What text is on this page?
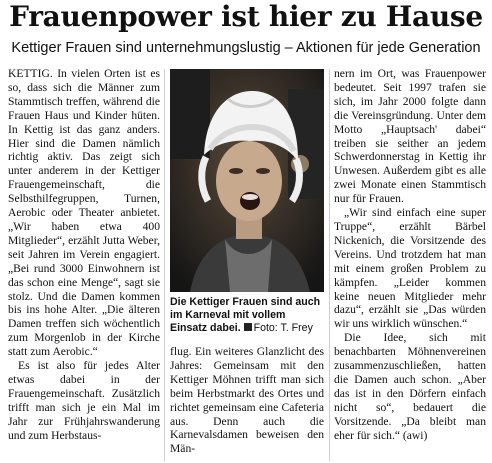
Frauenpower ist hier zu Hause
Kettiger Frauen sind unternehmungslustig – Aktionen für jede Generation

KETTIG. In vielen Orten ist es so, dass sich die Männer zum Stammtisch treffen, während die Frauen Haus und Kinder hüten. In Kettig ist das ganz anders. Hier sind die Damen nämlich richtig aktiv. Das zeigt sich unter anderem in der Kettiger Frauengemeinschaft, die Selbsthilfegruppen, Turnen, Aerobic oder Theater anbietet. „Wir haben etwa 400 Mitglieder“, erzählt Jutta Weber, seit Jahren im Verein engagiert. „Bei rund 3000 Einwohnern ist das schon eine Menge“, sagt sie stolz. Und die Damen kommen bis ins hohe Alter. „Die älteren Damen treffen sich wöchentlich zum Morgenlob in der Kirche statt zum Aerobic.“

Es ist also für jedes Alter etwas dabei in der Frauengemeinschaft. Zusätzlich trifft man sich je ein Mal im Jahr zur Frühjahrswanderung und zum Herbstaus-

Die Kettiger Frauen sind auch im Karneval mit vollem Einsatz dabei. Foto: T. Frey

flug. Ein weiteres Glanzlicht des Jahres: Gemeinsam mit den Kettiger Möhnen trifft man sich beim Herbstmarkt des Ortes und richtet gemeinsam eine Cafeteria aus. Denn auch die Karnevalsdamen beweisen den Män-

nern im Ort, was Frauenpower bedeutet. Seit 1997 trafen sie sich, im Jahr 2000 folgte dann die Vereinsgründung. Unter dem Motto „Hauptsach' dabei“ treiben sie seither an jedem Schwerdonnerstag in Kettig ihr Unwesen. Außerdem gibt es alle zwei Monate einen Stammtisch nur für Frauen.

„Wir sind einfach eine super Truppe“, erzählt Bärbel Nickenich, die Vorsitzende des Vereins. Und trotzdem hat man mit einem großen Problem zu kämpfen. „Leider kommen keine neuen Mitglieder mehr dazu“, erzählt sie „Das würden wir uns wirklich wünschen.“

Die Idee, sich mit benachbarten Möhnenvereinen zusammenzuschließen, hatten die Damen auch schon. „Aber das ist in den Dörfern einfach nicht so“, bedauert die Vorsitzende. „Da bleibt man eher für sich.“ (awi)
